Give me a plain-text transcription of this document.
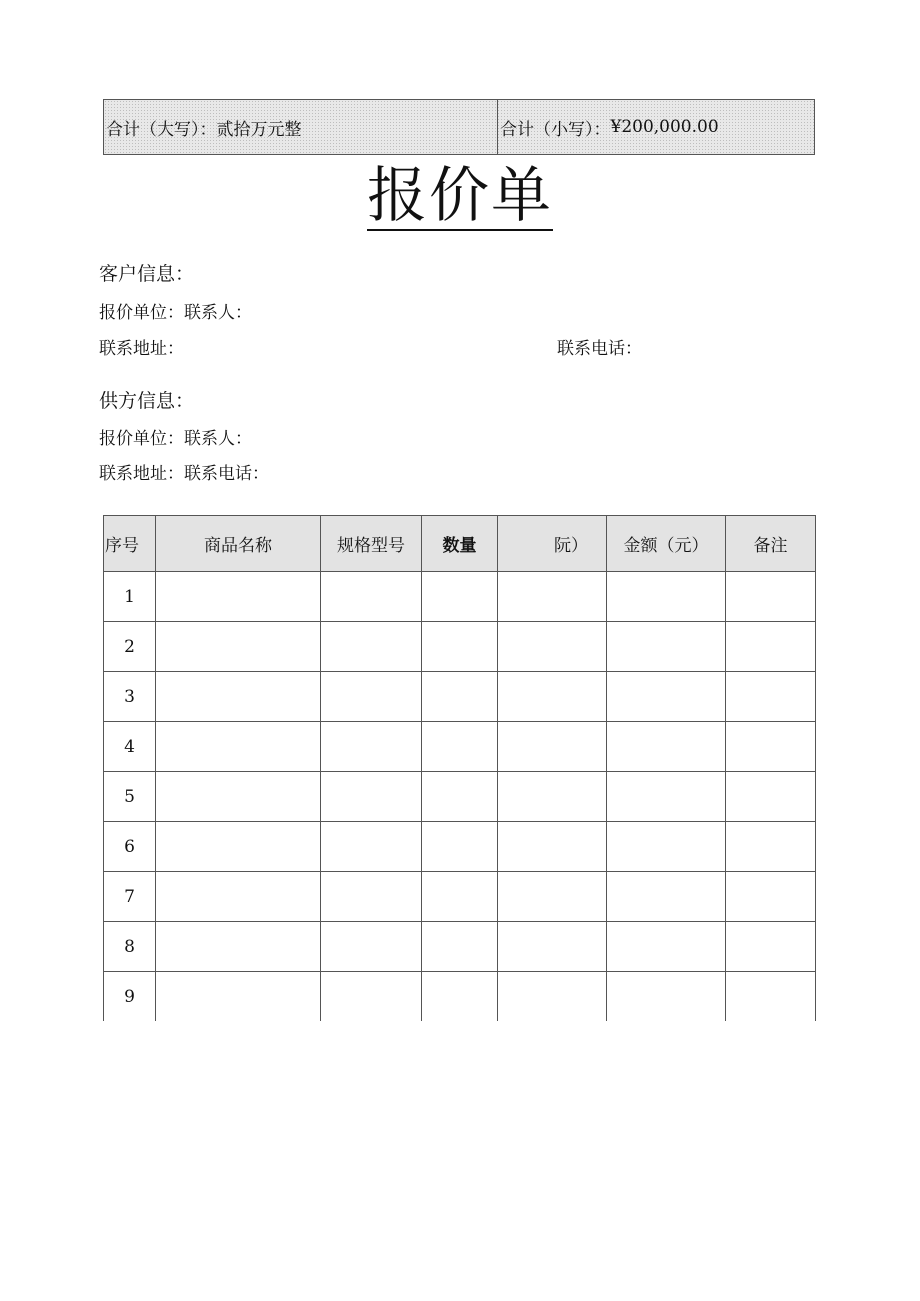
合计（大写）： 贰拾万元整	合计（小写）： ¥200,000.00
报价单
客户信息：
报价单位：联系人：
联系地址：	联系电话：
供方信息：
报价单位：联系人：
联系地址：联系电话：
序号	商品名称	规格型号	数量	阮）	金额（元）	备注
1						
2						
3						
4						
5						
6						
7						
8						
9						
